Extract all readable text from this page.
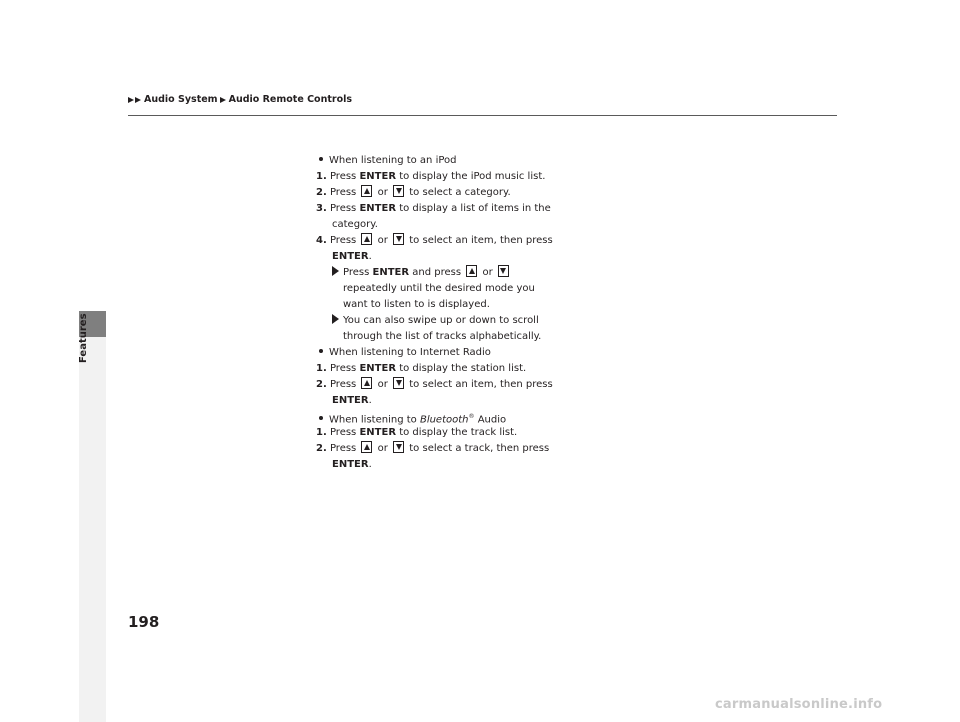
Audio System Audio Remote Controls
Features
When listening to an iPod
1. Press ENTER to display the iPod music list.
2. Press or to select a category.
3. Press ENTER to display a list of items in the
category.
4. Press or to select an item, then press
ENTER.
Press ENTER and press or
repeatedly until the desired mode you
want to listen to is displayed.
You can also swipe up or down to scroll
through the list of tracks alphabetically.
When listening to Internet Radio
1. Press ENTER to display the station list.
2. Press or to select an item, then press
ENTER.
When listening to Bluetooth® Audio
1. Press ENTER to display the track list.
2. Press or to select a track, then press
ENTER.
198
carmanualsonline.info
